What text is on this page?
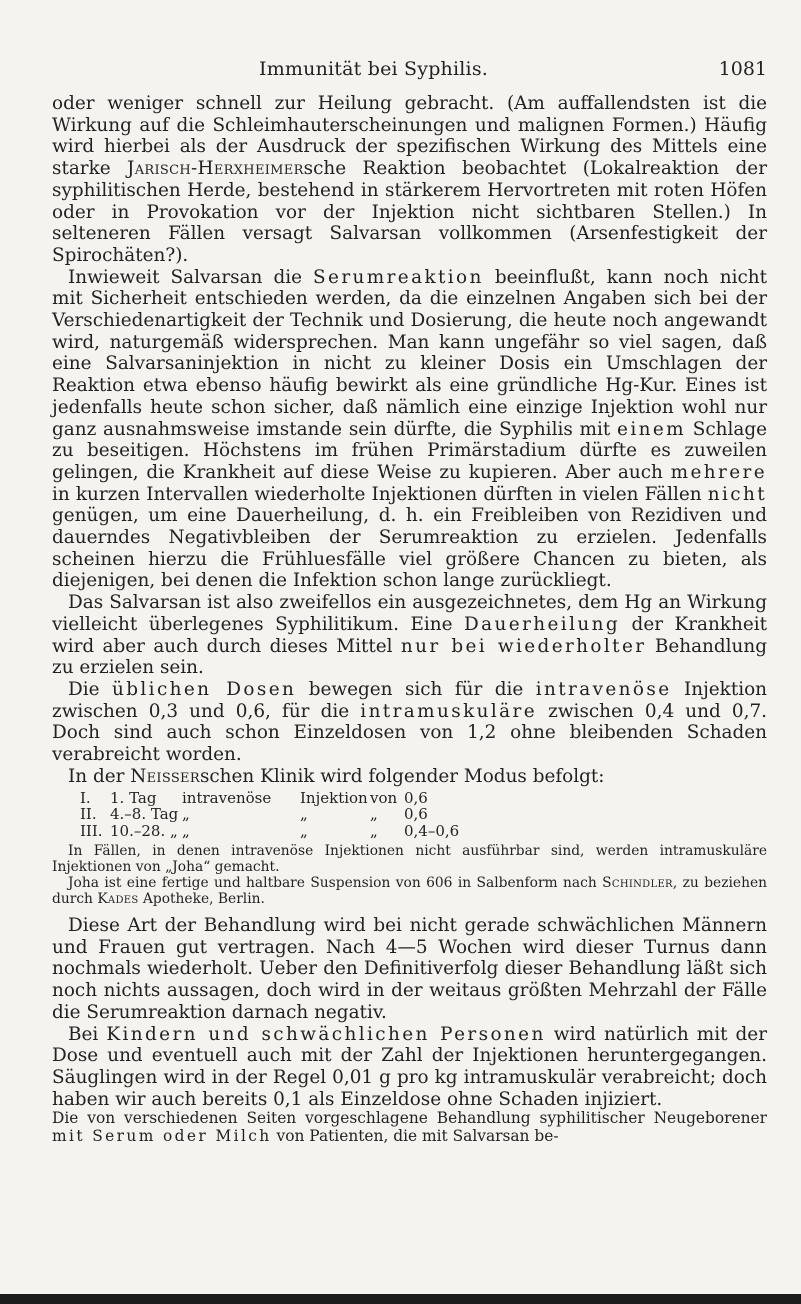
Immunität bei Syphilis.	1081

oder weniger schnell zur Heilung gebracht. (Am auffallendsten ist die Wirkung auf die Schleimhauterscheinungen und malignen Formen.) Häufig wird hierbei als der Ausdruck der spezifischen Wirkung des Mittels eine starke Jarisch-Herxheimersche Reaktion beobachtet (Lokalreaktion der syphilitischen Herde, bestehend in stärkerem Hervortreten mit roten Höfen oder in Provokation vor der Injektion nicht sichtbaren Stellen.) In selteneren Fällen versagt Salvarsan vollkommen (Arsenfestigkeit der Spirochäten?).

Inwieweit Salvarsan die Serumreaktion beeinflußt, kann noch nicht mit Sicherheit entschieden werden, da die einzelnen Angaben sich bei der Verschiedenartigkeit der Technik und Dosierung, die heute noch angewandt wird, naturgemäß widersprechen. Man kann ungefähr so viel sagen, daß eine Salvarsaninjektion in nicht zu kleiner Dosis ein Umschlagen der Reaktion etwa ebenso häufig bewirkt als eine gründliche Hg-Kur. Eines ist jedenfalls heute schon sicher, daß nämlich eine einzige Injektion wohl nur ganz ausnahmsweise imstande sein dürfte, die Syphilis mit einem Schlage zu beseitigen. Höchstens im frühen Primärstadium dürfte es zuweilen gelingen, die Krankheit auf diese Weise zu kupieren. Aber auch mehrere in kurzen Intervallen wiederholte Injektionen dürften in vielen Fällen nicht genügen, um eine Dauerheilung, d. h. ein Freibleiben von Rezidiven und dauerndes Negativbleiben der Serumreaktion zu erzielen. Jedenfalls scheinen hierzu die Frühluesfälle viel größere Chancen zu bieten, als diejenigen, bei denen die Infektion schon lange zurückliegt.

Das Salvarsan ist also zweifellos ein ausgezeichnetes, dem Hg an Wirkung vielleicht überlegenes Syphilitikum. Eine Dauerheilung der Krankheit wird aber auch durch dieses Mittel nur bei wiederholter Behandlung zu erzielen sein.

Die üblichen Dosen bewegen sich für die intravenöse Injektion zwischen 0,3 und 0,6, für die intramuskuläre zwischen 0,4 und 0,7. Doch sind auch schon Einzeldosen von 1,2 ohne bleibenden Schaden verabreicht worden.

In der Neisserschen Klinik wird folgender Modus befolgt:

I.	1. Tag	intravenöse	Injektion von 0,6
II. 4.–8. Tag „	„	„	0,6
III. 10.–28. „ „	„	„	0,4–0,6

In Fällen, in denen intravenöse Injektionen nicht ausführbar sind, werden intramuskuläre Injektionen von „Joha“ gemacht.

Joha ist eine fertige und haltbare Suspension von 606 in Salbenform nach Schindler, zu beziehen durch Kades Apotheke, Berlin.

Diese Art der Behandlung wird bei nicht gerade schwächlichen Männern und Frauen gut vertragen. Nach 4—5 Wochen wird dieser Turnus dann nochmals wiederholt. Ueber den Definitiverfolg dieser Behandlung läßt sich noch nichts aussagen, doch wird in der weitaus größten Mehrzahl der Fälle die Serumreaktion darnach negativ.

Bei Kindern und schwächlichen Personen wird natürlich mit der Dose und eventuell auch mit der Zahl der Injektionen heruntergegangen. Säuglingen wird in der Regel 0,01 g pro kg intramuskulär verabreicht; doch haben wir auch bereits 0,1 als Einzeldose ohne Schaden injiziert.

Die von verschiedenen Seiten vorgeschlagene Behandlung syphilitischer Neugeborener mit Serum oder Milch von Patienten, die mit Salvarsan be-
